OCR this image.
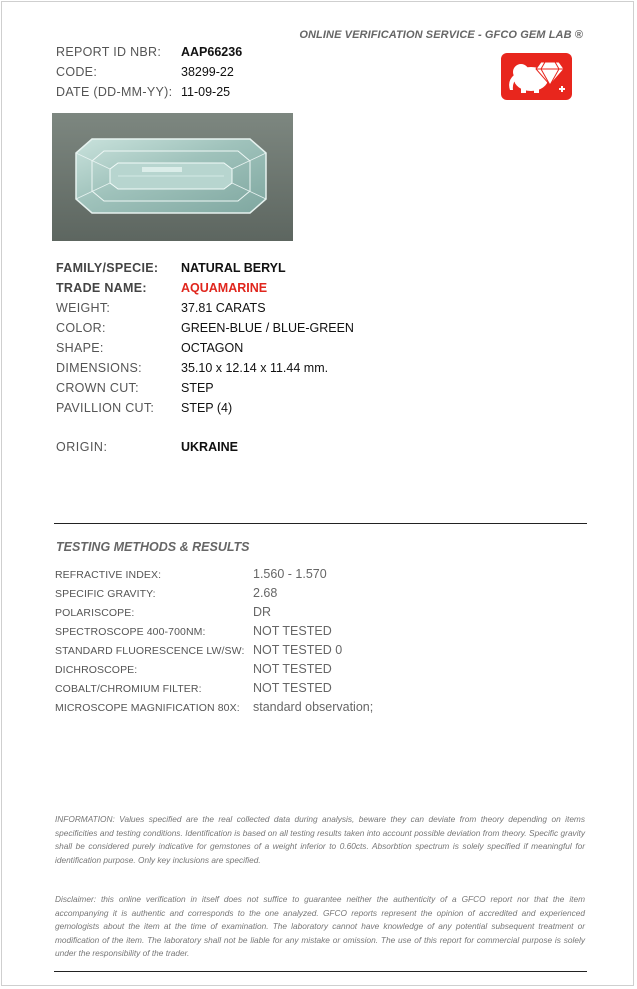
ONLINE VERIFICATION SERVICE - GFCO GEM LAB ®
REPORT ID NBR:	AAP66236
CODE:	38299-22
DATE (DD-MM-YY): 11-09-25
FAMILY/SPECIE:	NATURAL BERYL
TRADE NAME:	AQUAMARINE
WEIGHT:	37.81 CARATS
COLOR:	GREEN-BLUE / BLUE-GREEN
SHAPE:	OCTAGON
DIMENSIONS:	35.10 x 12.14 x 11.44 mm.
CROWN CUT:	STEP
PAVILLION CUT:	STEP (4)
ORIGIN:	UKRAINE
TESTING METHODS & RESULTS
REFRACTIVE INDEX:	1.560 - 1.570
SPECIFIC GRAVITY:	2.68
POLARISCOPE:	DR
SPECTROSCOPE 400-700NM:	NOT TESTED
STANDARD FLUORESCENCE LW/SW: NOT TESTED 0
DICHROSCOPE:	NOT TESTED
COBALT/CHROMIUM FILTER:	NOT TESTED
MICROSCOPE MAGNIFICATION 80X:	standard observation;
INFORMATION: Values specified are the real collected data during analysis, beware they can deviate from theory depending on items specificities and testing conditions. Identification is based on all testing results taken into account possible deviation from theory. Specific gravity shall be considered purely indicative for gemstones of a weight inferior to 0.60cts. Absorbtion spectrum is solely specified if meaningful for identification purpose. Only key inclusions are specified.
Disclaimer: this online verification in itself does not suffice to guarantee neither the authenticity of a GFCO report nor that the item accompanying it is authentic and corresponds to the one analyzed. GFCO reports represent the opinion of accredited and experienced gemologists about the item at the time of examination. The laboratory cannot have knowledge of any potential subsequent treatment or modification of the item. The laboratory shall not be liable for any mistake or omission. The use of this report for commercial purpose is solely under the responsibility of the trader.
